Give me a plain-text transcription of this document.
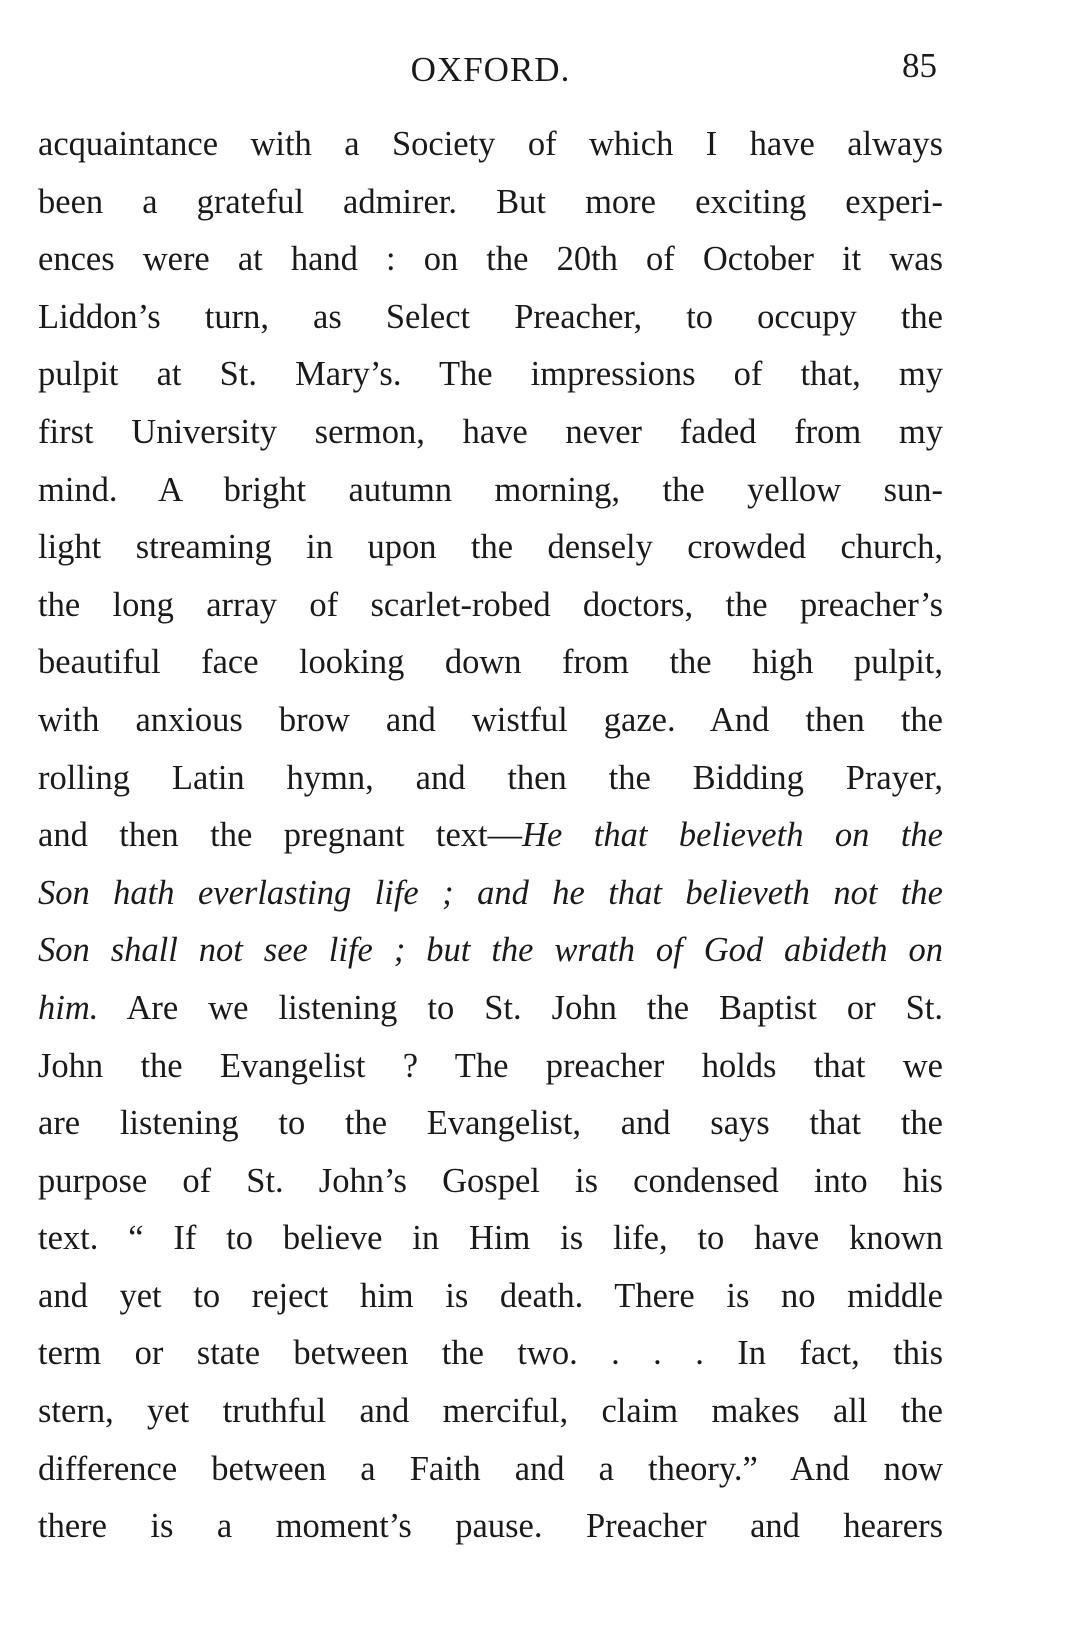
OXFORD.	85
acquaintance with a Society of which I have always
been a grateful admirer. But more exciting experi-
ences were at hand : on the 20th of October it was
Liddon’s turn, as Select Preacher, to occupy the
pulpit at St. Mary’s. The impressions of that, my
first University sermon, have never faded from my
mind. A bright autumn morning, the yellow sun-
light streaming in upon the densely crowded church,
the long array of scarlet-robed doctors, the preacher’s
beautiful face looking down from the high pulpit,
with anxious brow and wistful gaze. And then the
rolling Latin hymn, and then the Bidding Prayer,
and then the pregnant text—He that believeth on the
Son hath everlasting life ; and he that believeth not the
Son shall not see life ; but the wrath of God abideth on
him. Are we listening to St. John the Baptist or St.
John the Evangelist ? The preacher holds that we
are listening to the Evangelist, and says that the
purpose of St. John’s Gospel is condensed into his
text. “ If to believe in Him is life, to have known
and yet to reject him is death. There is no middle
term or state between the two. . . . In fact, this
stern, yet truthful and merciful, claim makes all the
difference between a Faith and a theory.” And now
there is a moment’s pause. Preacher and hearers
